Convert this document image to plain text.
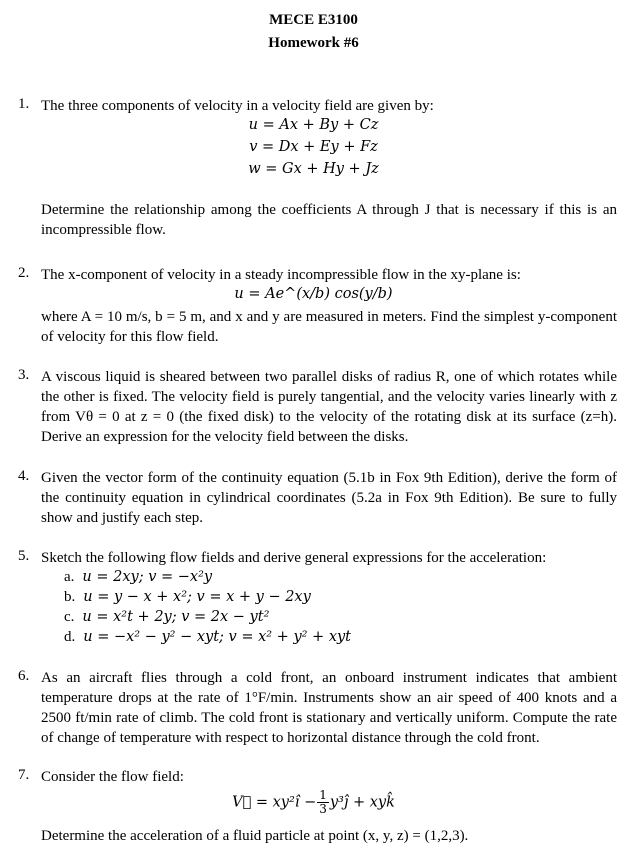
MECE E3100
Homework #6
1. The three components of velocity in a velocity field are given by:
u = Ax + By + Cz
v = Dx + Ey + Fz
w = Gx + Hy + Jz
Determine the relationship among the coefficients A through J that is necessary if this is an incompressible flow.
2. The x-component of velocity in a steady incompressible flow in the xy-plane is:
u = Ae^(x/b) cos(y/b)
where A = 10 m/s, b = 5 m, and x and y are measured in meters. Find the simplest y-component of velocity for this flow field.
3. A viscous liquid is sheared between two parallel disks of radius R, one of which rotates while the other is fixed. The velocity field is purely tangential, and the velocity varies linearly with z from Vθ = 0 at z = 0 (the fixed disk) to the velocity of the rotating disk at its surface (z=h). Derive an expression for the velocity field between the disks.
4. Given the vector form of the continuity equation (5.1b in Fox 9th Edition), derive the form of the continuity equation in cylindrical coordinates (5.2a in Fox 9th Edition). Be sure to fully show and justify each step.
5. Sketch the following flow fields and derive general expressions for the acceleration:
a. u = 2xy; v = −x²y
b. u = y − x + x²; v = x + y − 2xy
c. u = x²t + 2y; v = 2x − yt²
d. u = −x² − y² − xyt; v = x² + y² + xyt
6. As an aircraft flies through a cold front, an onboard instrument indicates that ambient temperature drops at the rate of 1°F/min. Instruments show an air speed of 400 knots and a 2500 ft/min rate of climb. The cold front is stationary and vertically uniform. Compute the rate of change of temperature with respect to horizontal distance through the cold front.
7. Consider the flow field:
V⃗ = xy²î − $\frac{1}{3}$ y³ĵ + xyk̂
Determine the acceleration of a fluid particle at point (x, y, z) = (1,2,3).
